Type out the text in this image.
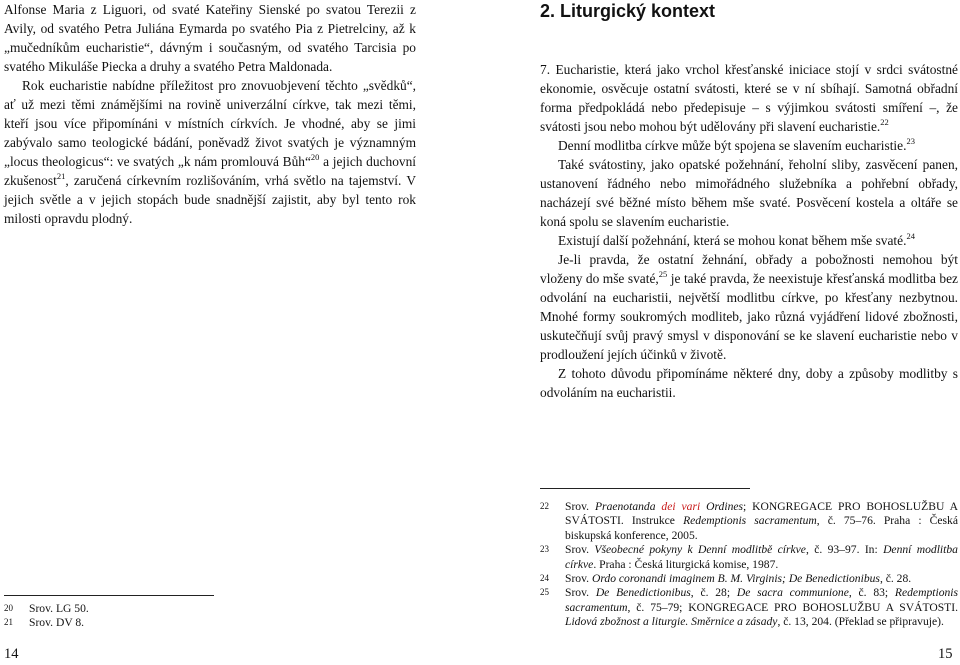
Alfonse Maria z Liguori, od svaté Kateřiny Sienské po svatou Terezii z Avily, od svatého Petra Juliána Eymarda po svatého Pia z Pietrelciny, až k „mučedníkům eucharistie“, dávným i současným, od svatého Tarcisia po svatého Mikuláše Piecka a druhy a svatého Petra Maldonada.

Rok eucharistie nabídne příležitost pro znovuobjevení těchto „svědků“, ať už mezi těmi známějšími na rovině univerzální církve, tak mezi těmi, kteří jsou více připomínáni v místních církvích. Je vhodné, aby se jimi zabývalo samo teologické bádání, poněvadž život svatých je významným „locus theologicus“: ve svatých „k nám promlouvá Bůh“$^{20}$ a jejich duchovní zkušenost$^{21}$, zaručená církevním rozlišováním, vrhá světlo na tajemství. V jejich světle a v jejich stopách bude snadnější zajistit, aby byl tento rok milosti opravdu plodný.

20	Srov. LG 50.
21	Srov. DV 8.
14
2. Liturgický kontext

7. Eucharistie, která jako vrchol křesťanské iniciace stojí v srdci svátostné ekonomie, osvěcuje ostatní svátosti, které se v ní sbíhají. Samotná obřadní forma předpokládá nebo předepisuje – s výjimkou svátosti smíření –, že svátosti jsou nebo mohou být udělovány při slavení eucharistie.$^{22}$

Denní modlitba církve může být spojena se slavením eucharistie.$^{23}$

Také svátostiny, jako opatské požehnání, řeholní sliby, zasvěcení panen, ustanovení řádného nebo mimořádného služebníka a pohřební obřady, nacházejí své běžné místo během mše svaté. Posvěcení kostela a oltáře se koná spolu se slavením eucharistie.

Existují další požehnání, která se mohou konat během mše svaté.$^{24}$

Je-li pravda, že ostatní žehnání, obřady a pobožnosti nemohou být vloženy do mše svaté,$^{25}$ je také pravda, že neexistuje křesťanská modlitba bez odvolání na eucharistii, největší modlitbu církve, po křesťany nezbytnou. Mnohé formy soukromých modliteb, jako různá vyjádření lidové zbožnosti, uskutečňují svůj pravý smysl v disponování se ke slavení eucharistie nebo v prodloužení jejích účinků v životě.

Z tohoto důvodu připomínáme některé dny, doby a způsoby modlitby s odvoláním na eucharistii.

22	Srov. Praenotanda dei vari Ordines; KONGREGACE PRO BOHOSLUŽBU A SVÁTOSTI. Instrukce Redemptionis sacramentum, č. 75–76. Praha : Česká biskupská konference, 2005.
23	Srov. Všeobecné pokyny k Denní modlitbě církve, č. 93–97. In: Denní modlitba církve. Praha : Česká liturgická komise, 1987.
24	Srov. Ordo coronandi imaginem B. M. Virginis; De Benedictionibus, č. 28.
25	Srov. De Benedictionibus, č. 28; De sacra communione, č. 83; Redemptionis sacramentum, č. 75–79; KONGREGACE PRO BOHOSLUŽBU A SVÁTOSTI. Lidová zbožnost a liturgie. Směrnice a zásady, č. 13, 204. (Překlad se připravuje).
15
